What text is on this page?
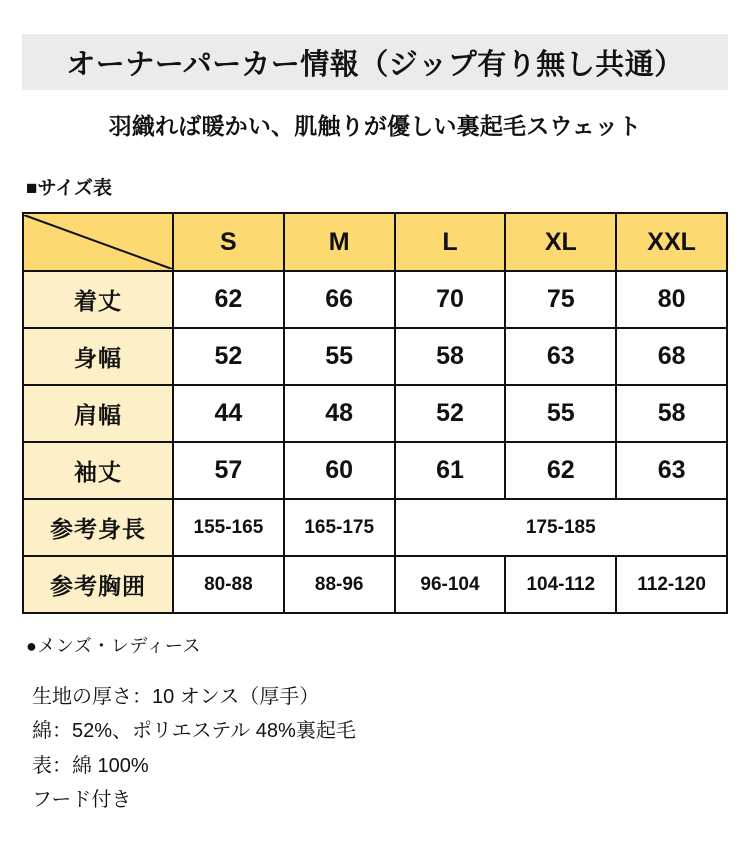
オーナーパーカー情報（ジップ有り無し共通）
羽織れば暖かい、肌触りが優しい裏起毛スウェット
■サイズ表
	S	M	L	XL	XXL
着丈	62	66	70	75	80
身幅	52	55	58	63	68
肩幅	44	48	52	55	58
袖丈	57	60	61	62	63
参考身長	155-165	165-175	175-185		
参考胸囲	80-88	88-96	96-104	104-112	112-120
●メンズ・レディース
生地の厚さ：10 オンス（厚手）
綿：52%、ポリエステル 48%裏起毛
表：綿 100%
フード付き
